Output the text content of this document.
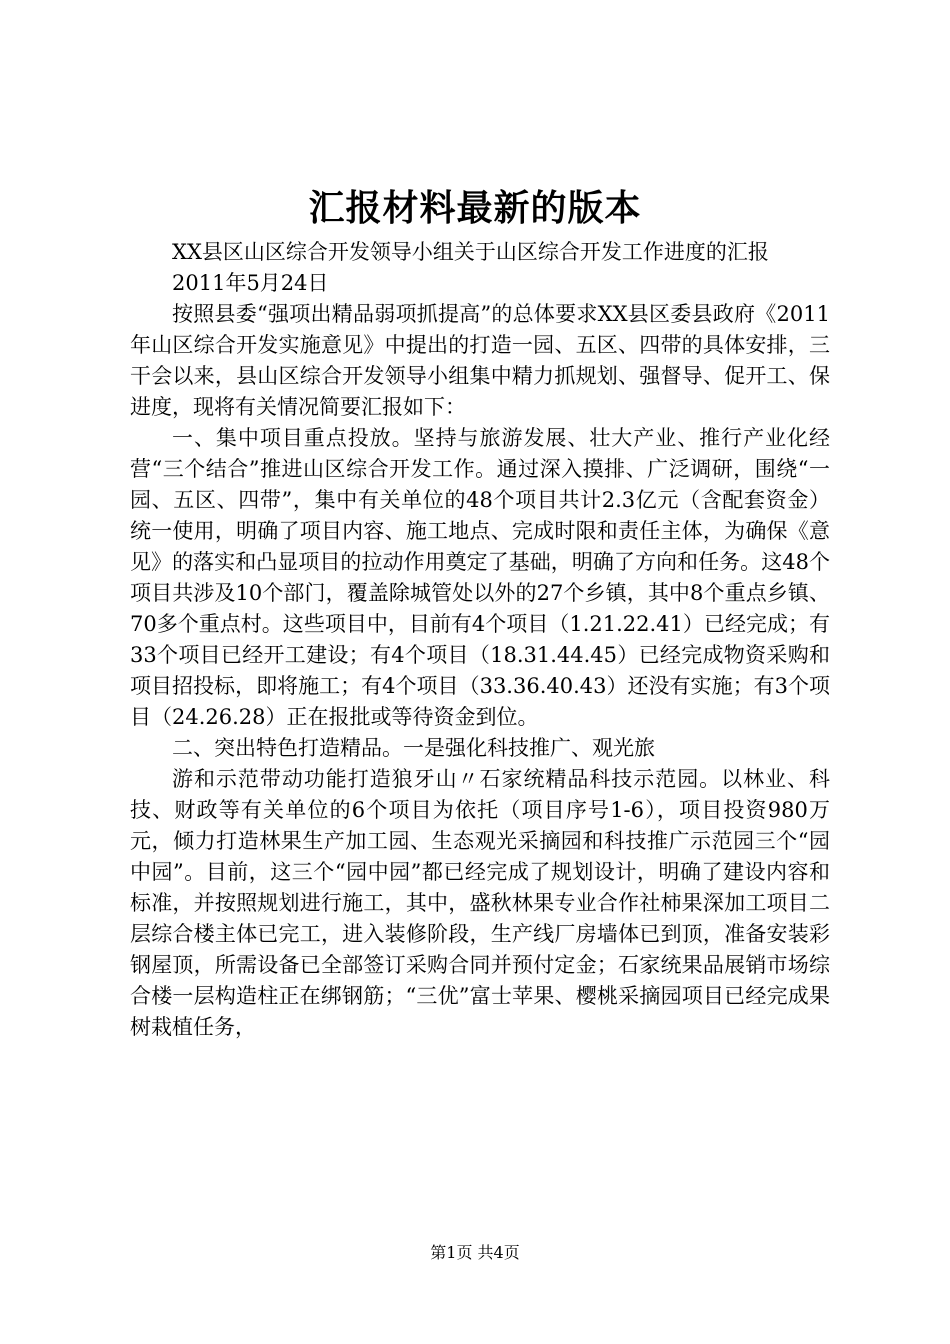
汇报材料最新的版本

XX县区山区综合开发领导小组关于山区综合开发工作进度的汇报

2011年5月24日

按照县委“强项出精品弱项抓提高”的总体要求XX县区委县政府《2011年山区综合开发实施意见》中提出的打造一园、五区、四带的具体安排，三干会以来，县山区综合开发领导小组集中精力抓规划、强督导、促开工、保进度，现将有关情况简要汇报如下：

一、集中项目重点投放。坚持与旅游发展、壮大产业、推行产业化经营“三个结合”推进山区综合开发工作。通过深入摸排、广泛调研，围绕“一园、五区、四带”，集中有关单位的48个项目共计2.3亿元（含配套资金）统一使用，明确了项目内容、施工地点、完成时限和责任主体，为确保《意见》的落实和凸显项目的拉动作用奠定了基础，明确了方向和任务。这48个项目共涉及10个部门，覆盖除城管处以外的27个乡镇，其中8个重点乡镇、70多个重点村。这些项目中，目前有4个项目（1.21.22.41）已经完成；有33个项目已经开工建设；有4个项目（18.31.44.45）已经完成物资采购和项目招投标，即将施工；有4个项目（33.36.40.43）还没有实施；有3个项目（24.26.28）正在报批或等待资金到位。

二、突出特色打造精品。一是强化科技推广、观光旅

游和示范带动功能打造狼牙山〃石家统精品科技示范园。以林业、科技、财政等有关单位的6个项目为依托（项目序号1-6），项目投资980万元，倾力打造林果生产加工园、生态观光采摘园和科技推广示范园三个“园中园”。目前，这三个“园中园”都已经完成了规划设计，明确了建设内容和标准，并按照规划进行施工，其中，盛秋林果专业合作社柿果深加工项目二层综合楼主体已完工，进入装修阶段，生产线厂房墙体已到顶，准备安装彩钢屋顶，所需设备已全部签订采购合同并预付定金；石家统果品展销市场综合楼一层构造柱正在绑钢筋；“三优”富士苹果、樱桃采摘园项目已经完成果树栽植任务，

第1页 共4页
